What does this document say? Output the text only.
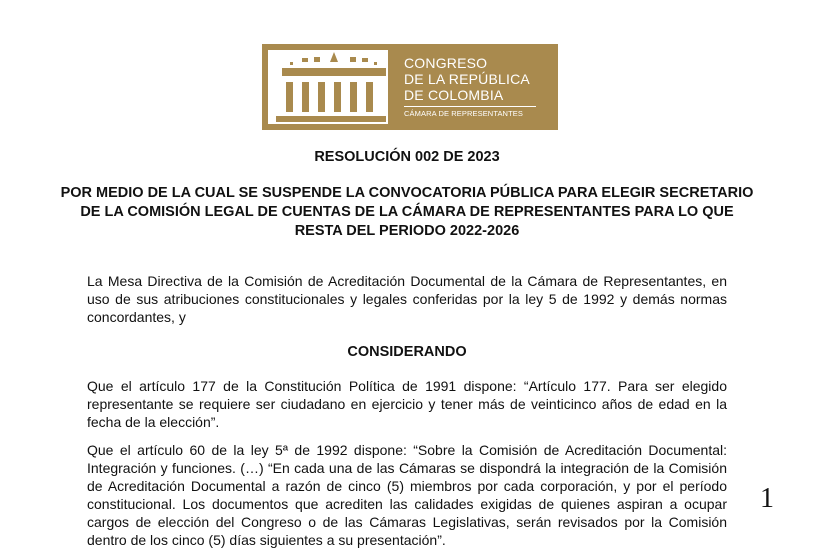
CONGRESO
DE LA REPÚBLICA
DE COLOMBIA
CÁMARA DE REPRESENTANTES
RESOLUCIÓN 002 DE 2023
POR MEDIO DE LA CUAL SE SUSPENDE LA CONVOCATORIA PÚBLICA PARA ELEGIR SECRETARIO DE LA COMISIÓN LEGAL DE CUENTAS DE LA CÁMARA DE REPRESENTANTES PARA LO QUE RESTA DEL PERIODO 2022-2026
La Mesa Directiva de la Comisión de Acreditación Documental de la Cámara de Representantes, en uso de sus atribuciones constitucionales y legales conferidas por la ley 5 de 1992 y demás normas concordantes, y
CONSIDERANDO
Que el artículo 177 de la Constitución Política de 1991 dispone: “Artículo 177. Para ser elegido representante se requiere ser ciudadano en ejercicio y tener más de veinticinco años de edad en la fecha de la elección”.
Que el artículo 60 de la ley 5ª de 1992 dispone: “Sobre la Comisión de Acreditación Documental: Integración y funciones. (…) “En cada una de las Cámaras se dispondrá la integración de la Comisión de Acreditación Documental a razón de cinco (5) miembros por cada corporación, y por el período constitucional. Los documentos que acrediten las calidades exigidas de quienes aspiran a ocupar cargos de elección del Congreso o de las Cámaras Legislativas, serán revisados por la Comisión dentro de los cinco (5) días siguientes a su presentación”.
1
